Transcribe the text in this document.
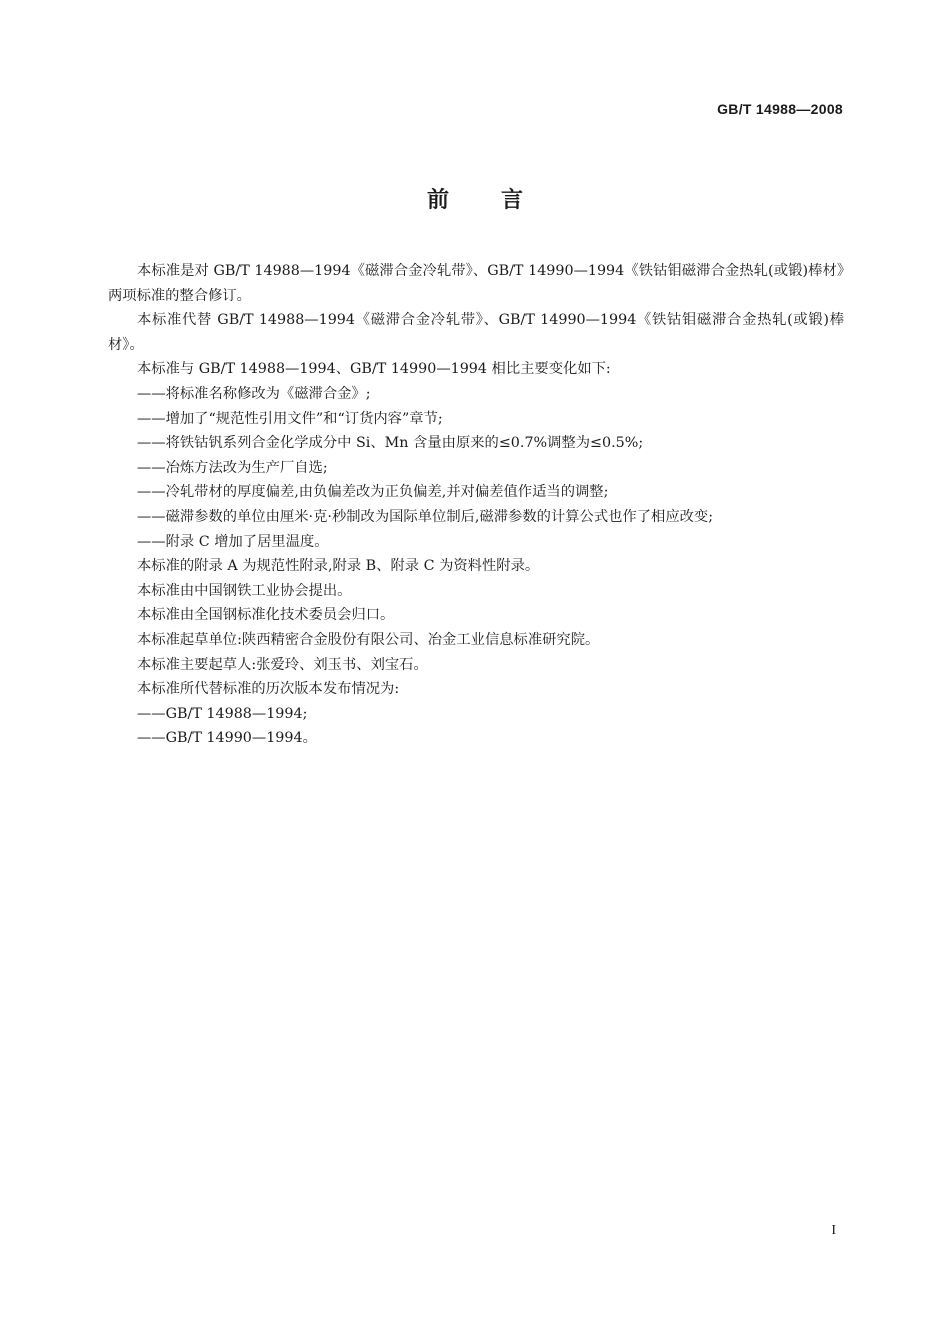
GB/T 14988—2008
前言

本标准是对 GB/T 14988—1994《磁滞合金冷轧带》、GB/T 14990—1994《铁钴钼磁滞合金热轧(或锻)棒材》两项标准的整合修订。

本标准代替 GB/T 14988—1994《磁滞合金冷轧带》、GB/T 14990—1994《铁钴钼磁滞合金热轧(或锻)棒材》。

本标准与 GB/T 14988—1994、GB/T 14990—1994 相比主要变化如下:

——将标准名称修改为《磁滞合金》;

——增加了“规范性引用文件”和“订货内容”章节;

——将铁钴钒系列合金化学成分中 Si、Mn 含量由原来的≤0.7%调整为≤0.5%;

——冶炼方法改为生产厂自选;

——冷轧带材的厚度偏差,由负偏差改为正负偏差,并对偏差值作适当的调整;

——磁滞参数的单位由厘米·克·秒制改为国际单位制后,磁滞参数的计算公式也作了相应改变;

——附录 C 增加了居里温度。

本标准的附录 A 为规范性附录,附录 B、附录 C 为资料性附录。

本标准由中国钢铁工业协会提出。

本标准由全国钢标准化技术委员会归口。

本标准起草单位:陕西精密合金股份有限公司、冶金工业信息标准研究院。

本标准主要起草人:张爱玲、刘玉书、刘宝石。

本标准所代替标准的历次版本发布情况为:

——GB/T 14988—1994;

——GB/T 14990—1994。

I
